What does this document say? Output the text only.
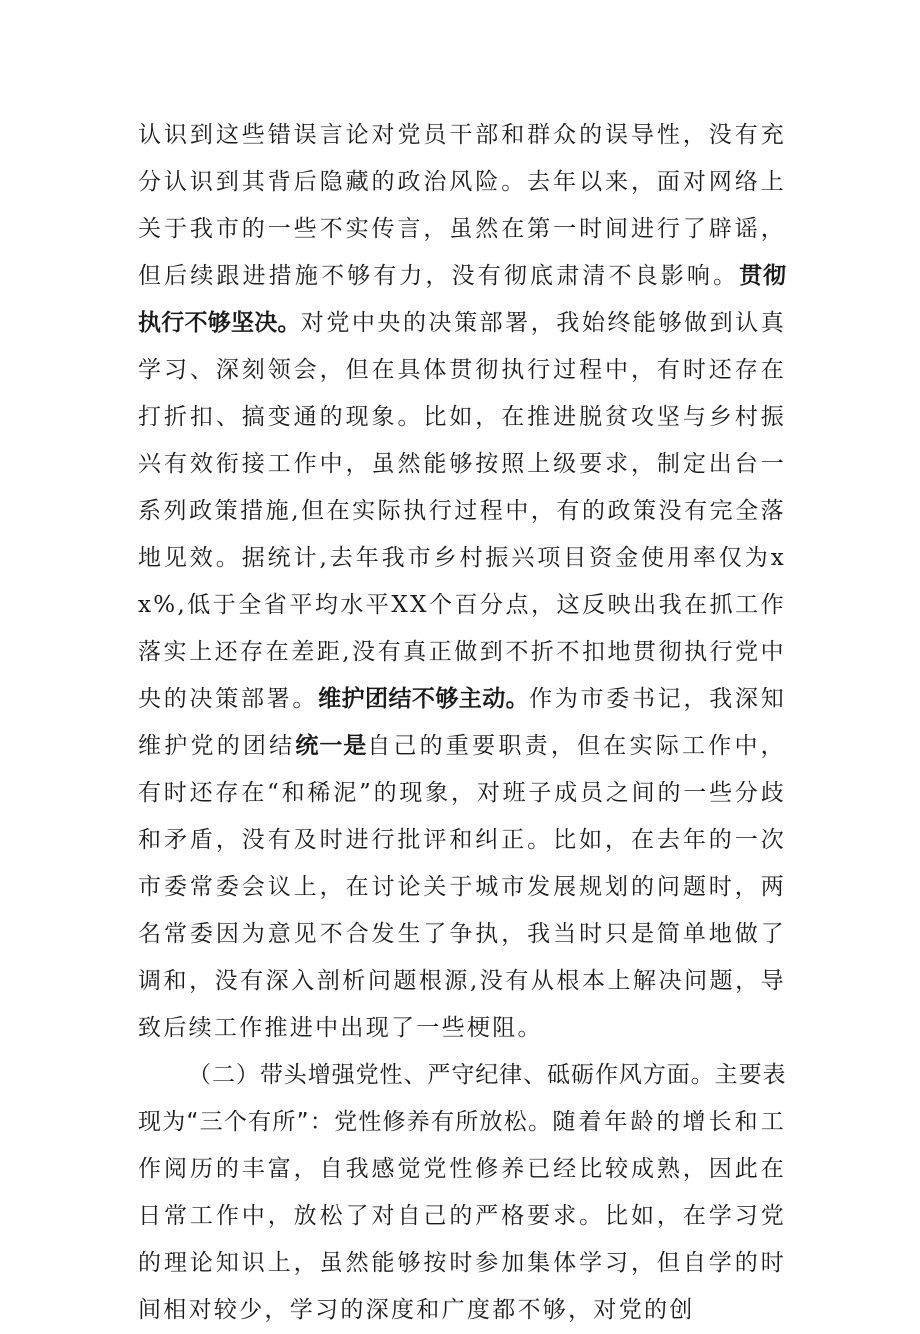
认识到这些错误言论对党员干部和群众的误导性，没有充分认识到其背后隐藏的政治风险。去年以来，面对网络上关于我市的一些不实传言，虽然在第一时间进行了辟谣，但后续跟进措施不够有力，没有彻底肃清不良影响。贯彻执行不够坚决。对党中央的决策部署，我始终能够做到认真学习、深刻领会，但在具体贯彻执行过程中，有时还存在打折扣、搞变通的现象。比如，在推进脱贫攻坚与乡村振兴有效衔接工作中，虽然能够按照上级要求，制定出台一系列政策措施,但在实际执行过程中，有的政策没有完全落地见效。据统计,去年我市乡村振兴项目资金使用率仅为xx%,低于全省平均水平XX个百分点，这反映出我在抓工作落实上还存在差距,没有真正做到不折不扣地贯彻执行党中央的决策部署。维护团结不够主动。作为市委书记，我深知维护党的团结统一是自己的重要职责，但在实际工作中，有时还存在“和稀泥”的现象，对班子成员之间的一些分歧和矛盾，没有及时进行批评和纠正。比如，在去年的一次市委常委会议上，在讨论关于城市发展规划的问题时，两名常委因为意见不合发生了争执，我当时只是简单地做了调和，没有深入剖析问题根源,没有从根本上解决问题，导致后续工作推进中出现了一些梗阻。

（二）带头增强党性、严守纪律、砥砺作风方面。主要表现为“三个有所”：党性修养有所放松。随着年龄的增长和工作阅历的丰富，自我感觉党性修养已经比较成熟，因此在日常工作中，放松了对自己的严格要求。比如，在学习党的理论知识上，虽然能够按时参加集体学习，但自学的时间相对较少，学习的深度和广度都不够，对党的创
